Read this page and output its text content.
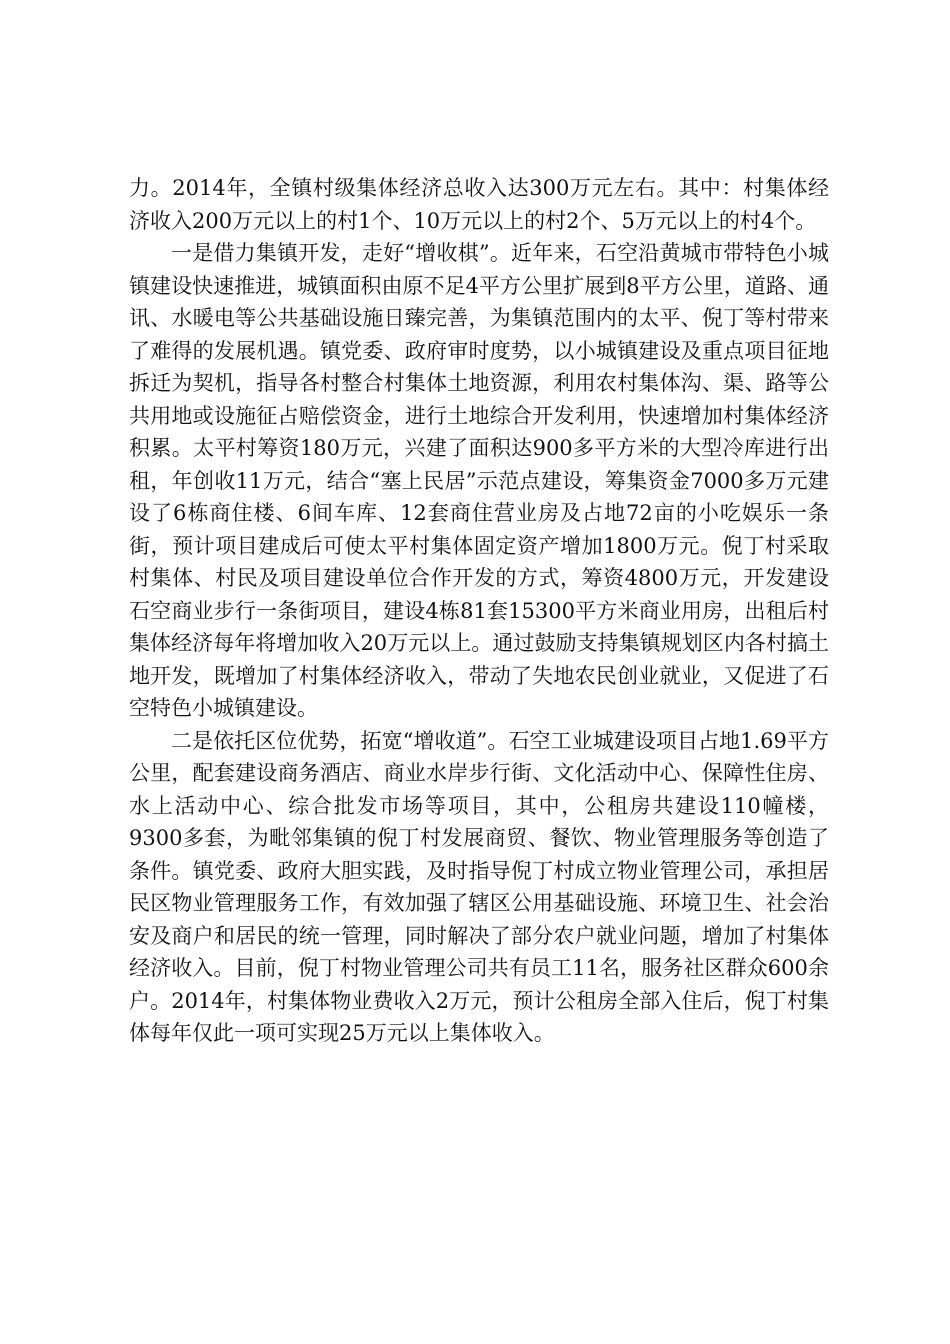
力。2014年，全镇村级集体经济总收入达300万元左右。其中：村集体经济收入200万元以上的村1个、10万元以上的村2个、5万元以上的村4个。

一是借力集镇开发，走好“增收棋”。近年来，石空沿黄城市带特色小城镇建设快速推进，城镇面积由原不足4平方公里扩展到8平方公里，道路、通讯、水暖电等公共基础设施日臻完善，为集镇范围内的太平、倪丁等村带来了难得的发展机遇。镇党委、政府审时度势，以小城镇建设及重点项目征地拆迁为契机，指导各村整合村集体土地资源，利用农村集体沟、渠、路等公共用地或设施征占赔偿资金，进行土地综合开发利用，快速增加村集体经济积累。太平村筹资180万元，兴建了面积达900多平方米的大型冷库进行出租，年创收11万元，结合“塞上民居”示范点建设，筹集资金7000多万元建设了6栋商住楼、6间车库、12套商住营业房及占地72亩的小吃娱乐一条街，预计项目建成后可使太平村集体固定资产增加1800万元。倪丁村采取村集体、村民及项目建设单位合作开发的方式，筹资4800万元，开发建设石空商业步行一条街项目，建设4栋81套15300平方米商业用房，出租后村集体经济每年将增加收入20万元以上。通过鼓励支持集镇规划区内各村搞土地开发，既增加了村集体经济收入，带动了失地农民创业就业，又促进了石空特色小城镇建设。

二是依托区位优势，拓宽“增收道”。石空工业城建设项目占地1.69平方公里，配套建设商务酒店、商业水岸步行街、文化活动中心、保障性住房、水上活动中心、综合批发市场等项目，其中，公租房共建设110幢楼，9300多套，为毗邻集镇的倪丁村发展商贸、餐饮、物业管理服务等创造了条件。镇党委、政府大胆实践，及时指导倪丁村成立物业管理公司，承担居民区物业管理服务工作，有效加强了辖区公用基础设施、环境卫生、社会治安及商户和居民的统一管理，同时解决了部分农户就业问题，增加了村集体经济收入。目前，倪丁村物业管理公司共有员工11名，服务社区群众600余户。2014年，村集体物业费收入2万元，预计公租房全部入住后，倪丁村集体每年仅此一项可实现25万元以上集体收入。
